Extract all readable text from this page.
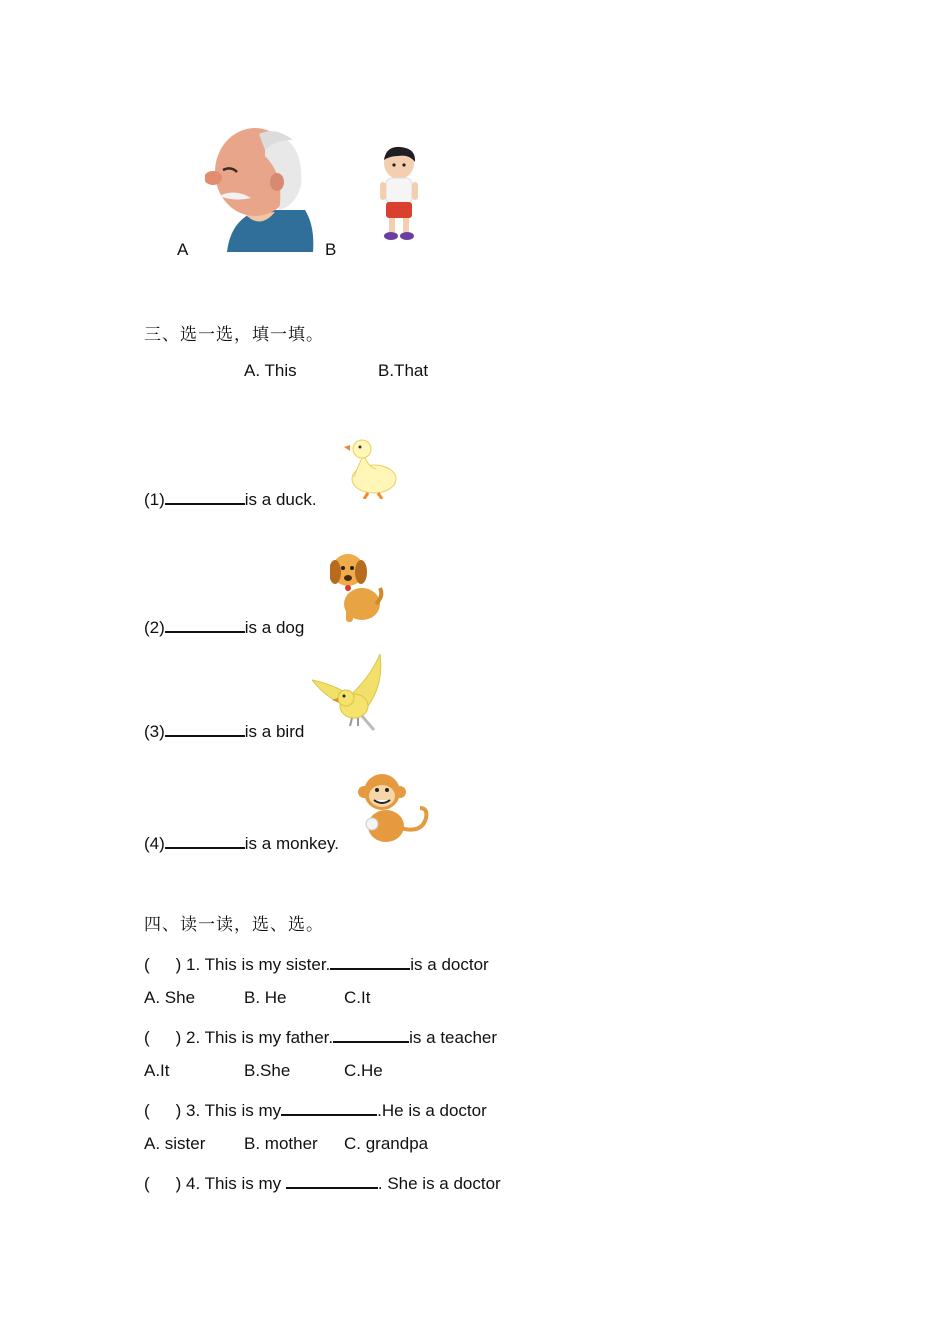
A	B
三、选一选，填一填。
A. This	B.That
(1)	is a duck.
(2)	is a dog
(3)	is a bird
(4)	is a monkey.
四、读一读，选、选。
( ) 1. This is my sister.	is a doctor
A. She	B. He	C.It
( ) 2. This is my father.	is a teacher
A.It	B.She	C.He
( ) 3. This is my	.He is a doctor
A. sister B. mother C. grandpa
( ) 4. This is my	. She is a doctor
